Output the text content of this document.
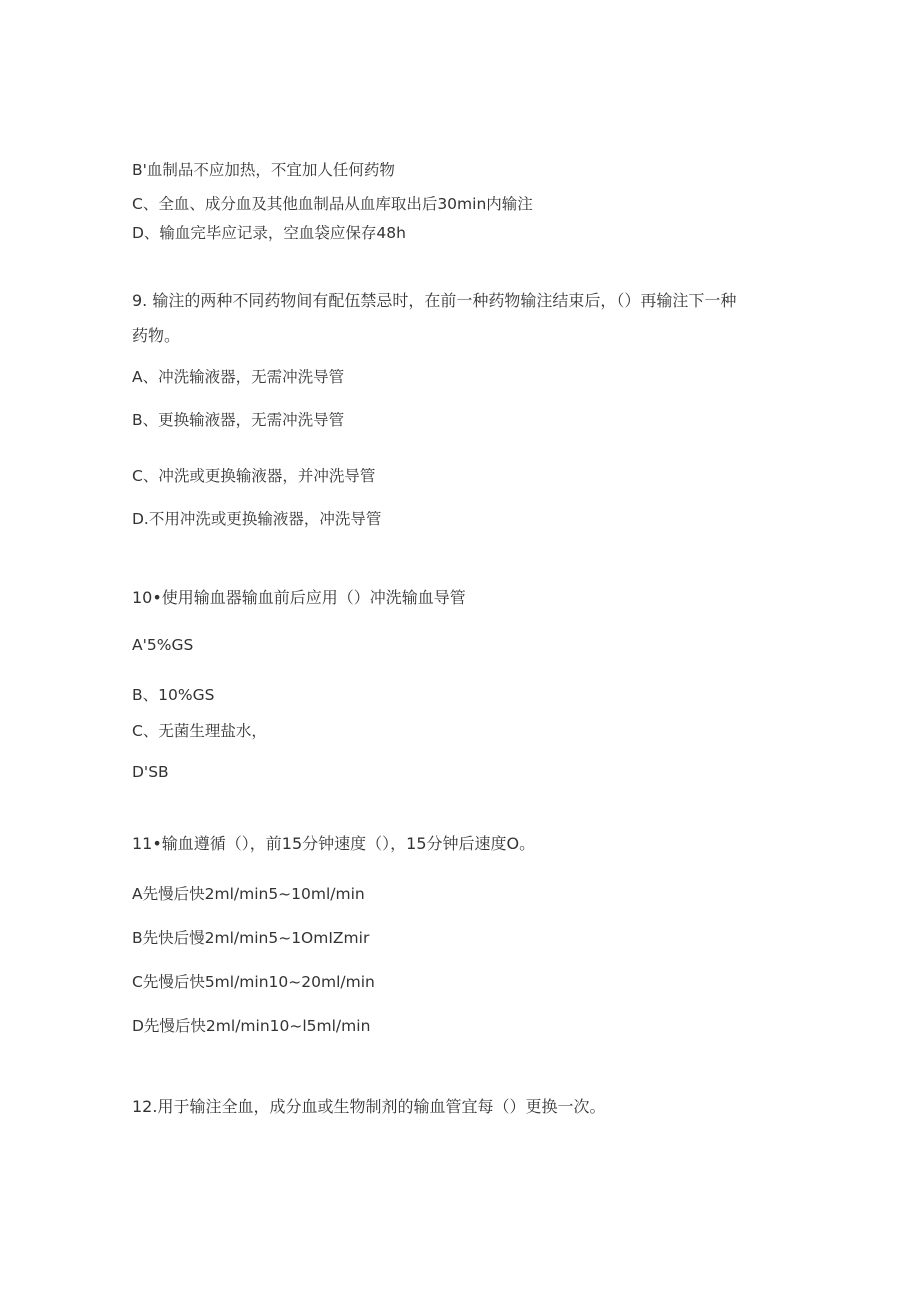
B'血制品不应加热，不宜加人任何药物
C、全血、成分血及其他血制品从血库取出后30min内输注
D、输血完毕应记录，空血袋应保存48h
9. 输注的两种不同药物间有配伍禁忌时，在前一种药物输注结束后，（）再输注下一种
药物。
A、冲洗输液器，无需冲洗导管
B、更换输液器，无需冲洗导管
C、冲洗或更换输液器，并冲洗导管
D.不用冲洗或更换输液器，冲洗导管
10•使用输血器输血前后应用（）冲洗输血导管
A'5%GS
B、10%GS
C、无菌生理盐水，
D'SB
11•输血遵循（），前15分钟速度（），15分钟后速度O。
A先慢后快2ml∕min5~10ml∕min
B先快后慢2ml∕min5~1OmIZmir
C先慢后快5ml∕min10~20ml∕min
D先慢后快2ml∕min10~l5ml∕min
12.用于输注全血，成分血或生物制剂的输血管宜每（）更换一次。
